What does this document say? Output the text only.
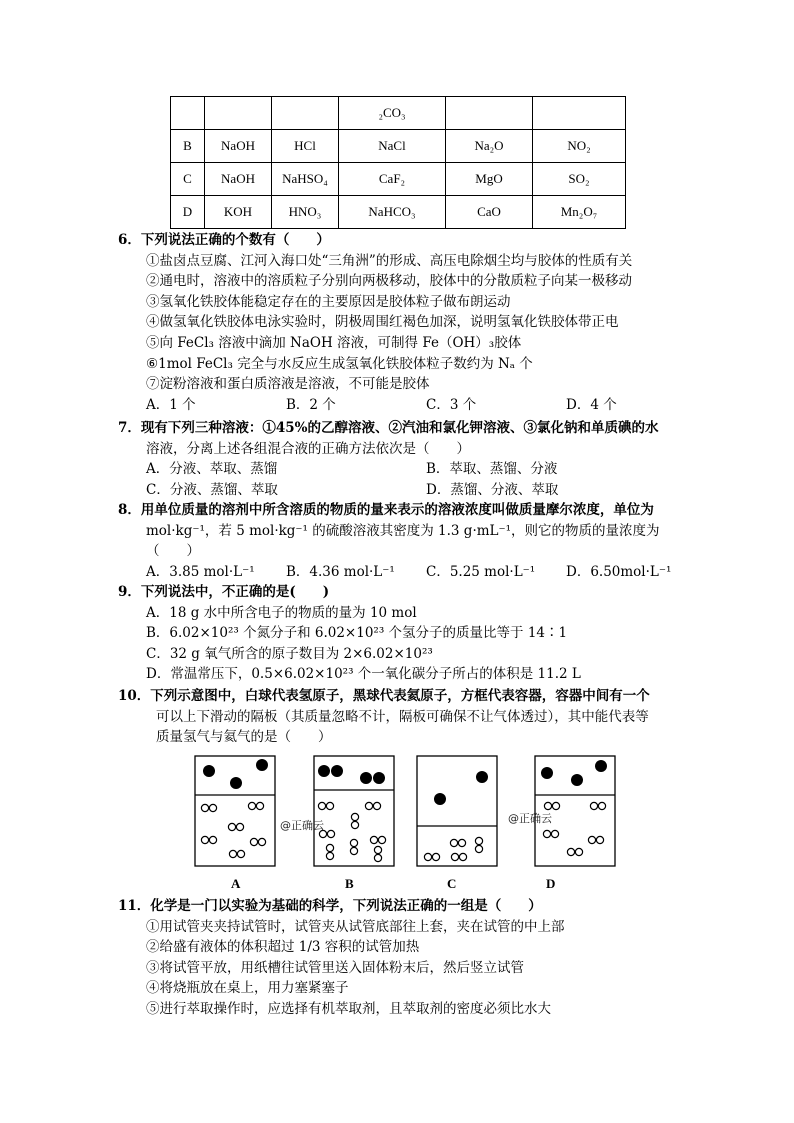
			₂CO₃		
B	NaOH	HCl	NaCl	Na₂O	NO₂
C	NaOH	NaHSO₄	CaF₂	MgO	SO₂
D	KOH	HNO₃	NaHCO₃	CaO	Mn₂O₇
6．下列说法正确的个数有（　　）
①盐卤点豆腐、江河入海口处“三角洲”的形成、高压电除烟尘均与胶体的性质有关
②通电时，溶液中的溶质粒子分别向两极移动，胶体中的分散质粒子向某一极移动
③氢氧化铁胶体能稳定存在的主要原因是胶体粒子做布朗运动
④做氢氧化铁胶体电泳实验时，阴极周围红褐色加深，说明氢氧化铁胶体带正电
⑤向 FeCl₃ 溶液中滴加 NaOH 溶液，可制得 Fe（OH）₃胶体
⑥1mol FeCl₃ 完全与水反应生成氢氧化铁胶体粒子数约为 Nₐ 个
⑦淀粉溶液和蛋白质溶液是溶液，不可能是胶体
A．1 个	B．2 个	C．3 个	D．4 个
7．现有下列三种溶液：①45%的乙醇溶液、②汽油和氯化钾溶液、③氯化钠和单质碘的水
溶液，分离上述各组混合液的正确方法依次是（　　）
A．分液、萃取、蒸馏	B．萃取、蒸馏、分液
C．分液、蒸馏、萃取	D．蒸馏、分液、萃取
8．用单位质量的溶剂中所含溶质的物质的量来表示的溶液浓度叫做质量摩尔浓度，单位为
mol·kg⁻¹，若 5 mol·kg⁻¹ 的硫酸溶液其密度为 1.3 g·mL⁻¹，则它的物质的量浓度为
（　　）
A．3.85 mol·L⁻¹	B．4.36 mol·L⁻¹	C．5.25 mol·L⁻¹	D．6.50mol·L⁻¹
9．下列说法中，不正确的是(　　)
A．18 g 水中所含电子的物质的量为 10 mol
B．6.02×10²³ 个氮分子和 6.02×10²³ 个氢分子的质量比等于 14∶1
C．32 g 氧气所含的原子数目为 2×6.02×10²³
D．常温常压下，0.5×6.02×10²³ 个一氧化碳分子所占的体积是 11.2 L
10．下列示意图中，白球代表氢原子，黑球代表氦原子，方框代表容器，容器中间有一个
可以上下滑动的隔板（其质量忽略不计，隔板可确保不让气体透过），其中能代表等
质量氢气与氦气的是（　　）
@正确云
@正确云
A	B	C	D
11．化学是一门以实验为基础的科学，下列说法正确的一组是（　　）
①用试管夹夹持试管时，试管夹从试管底部往上套，夹在试管的中上部
②给盛有液体的体积超过 1/3 容积的试管加热
③将试管平放，用纸槽往试管里送入固体粉末后，然后竖立试管
④将烧瓶放在桌上，用力塞紧塞子
⑤进行萃取操作时，应选择有机萃取剂，且萃取剂的密度必须比水大
